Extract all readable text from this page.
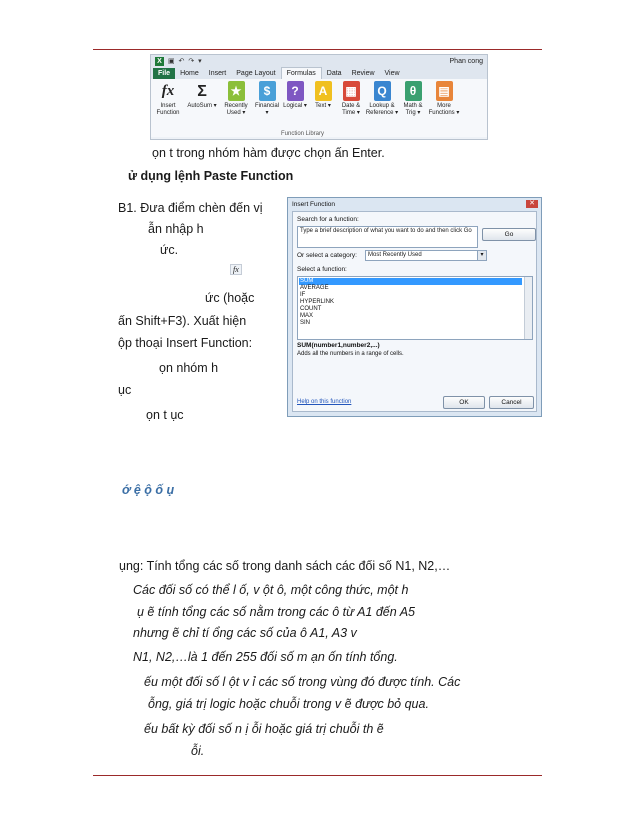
X ▣ ↶ ↷ ▾	Phan cong
File	Home	Insert	Page Layout	Formulas	Data	Review	View
fx
Insert Function
Σ
AutoSum ▾
★
Recently Used ▾
$
Financial ▾
?
Logical ▾
A
Text ▾
▦
Date & Time ▾
Q
Lookup & Reference ▾
θ
Math & Trig ▾
▤
More Functions ▾
Function Library
ọn t trong nhóm hàm được chọn ấn Enter.
ử dụng lệnh Paste Function
B1. Đưa điểm chèn đến vị
ẫn nhập h
ức.
fx
ức (hoặc
ấn Shift+F3). Xuất hiện
ộp thoại Insert Function:
ọn nhóm h
ục
ọn t ục
ớ ệ ộ ố ụ
ụng: Tính tổng các số trong danh sách các đối số N1, N2,…
Các đối số có thể l ố, v ột ô, một công thức, một h
ụ ẽ tính tổng các số nằm trong các ô từ A1 đến A5
nhưng ẽ chỉ tí ổng các số của ô A1, A3 v
N1, N2,…là 1 đến 255 đối số m ạn ốn tính tổng.
ếu một đối số l ột v ỉ các số trong vùng đó được tính. Các
ỗng, giá trị logic hoặc chuỗi trong v ẽ được bỏ qua.
ếu bất kỳ đối số n ị ỗi hoặc giá trị chuỗi th ẽ
ỗi.
Insert Function	✕
Search for a function:
Type a brief description of what you want to do and then click Go	Go
Or select a category:	Most Recently Used	▾
Select a function:
SUM
AVERAGE
IF
HYPERLINK
COUNT
MAX
SIN
SUM(number1,number2,...)
Adds all the numbers in a range of cells.
Help on this function	OK	Cancel
